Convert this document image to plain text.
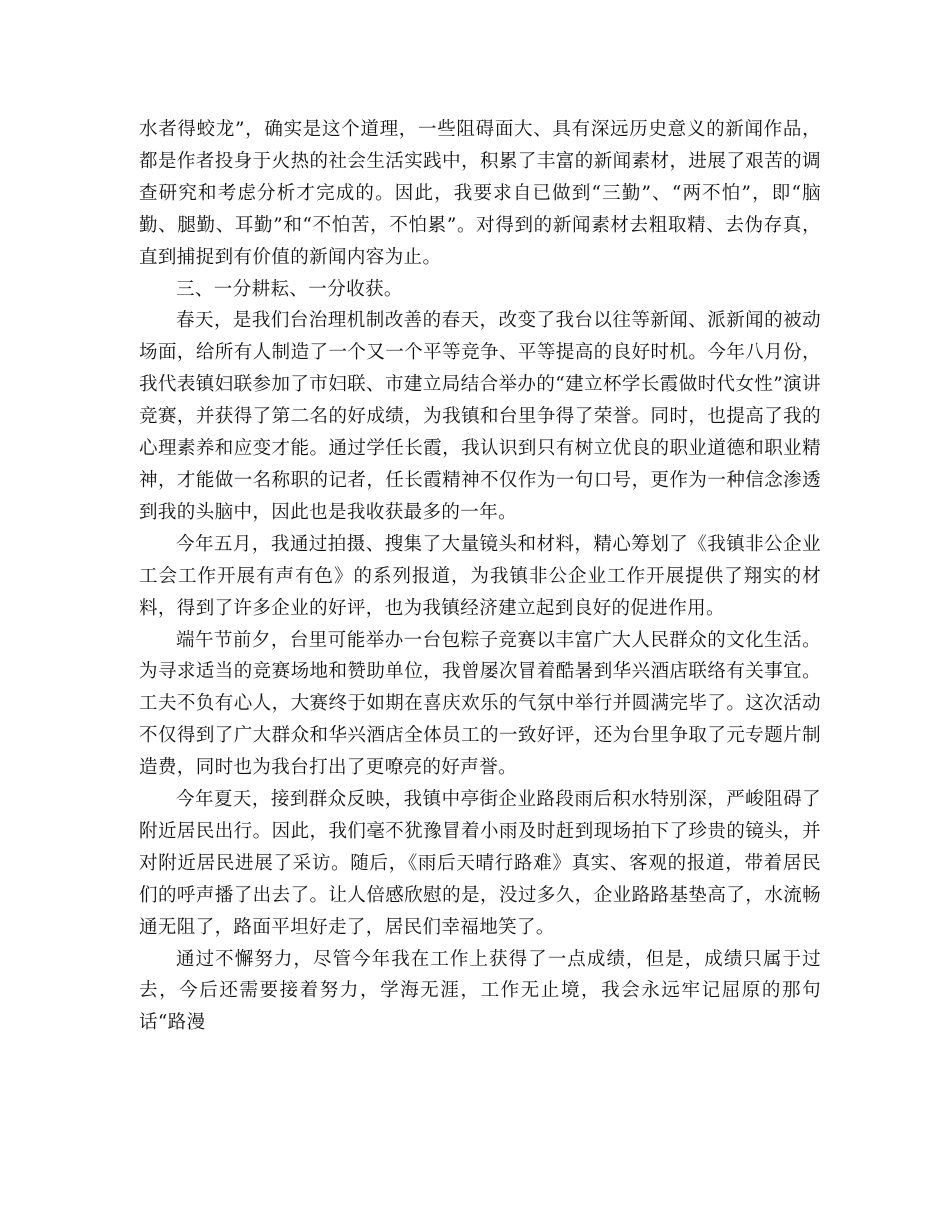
水者得蛟龙”，确实是这个道理，一些阻碍面大、具有深远历史意义的新闻作品，都是作者投身于火热的社会生活实践中，积累了丰富的新闻素材，进展了艰苦的调查研究和考虑分析才完成的。因此，我要求自已做到“三勤”、“两不怕”，即“脑勤、腿勤、耳勤”和“不怕苦，不怕累”。对得到的新闻素材去粗取精、去伪存真，直到捕捉到有价值的新闻内容为止。

三、一分耕耘、一分收获。

春天，是我们台治理机制改善的春天，改变了我台以往等新闻、派新闻的被动场面，给所有人制造了一个又一个平等竞争、平等提高的良好时机。今年八月份，我代表镇妇联参加了市妇联、市建立局结合举办的“建立杯学长霞做时代女性”演讲竞赛，并获得了第二名的好成绩，为我镇和台里争得了荣誉。同时，也提高了我的心理素养和应变才能。通过学任长霞，我认识到只有树立优良的职业道德和职业精神，才能做一名称职的记者，任长霞精神不仅作为一句口号，更作为一种信念渗透到我的头脑中，因此也是我收获最多的一年。

今年五月，我通过拍摄、搜集了大量镜头和材料，精心筹划了《我镇非公企业工会工作开展有声有色》的系列报道，为我镇非公企业工作开展提供了翔实的材料，得到了许多企业的好评，也为我镇经济建立起到良好的促进作用。

端午节前夕，台里可能举办一台包粽子竞赛以丰富广大人民群众的文化生活。为寻求适当的竞赛场地和赞助单位，我曾屡次冒着酷暑到华兴酒店联络有关事宜。工夫不负有心人，大赛终于如期在喜庆欢乐的气氛中举行并圆满完毕了。这次活动不仅得到了广大群众和华兴酒店全体员工的一致好评，还为台里争取了元专题片制造费，同时也为我台打出了更嘹亮的好声誉。

今年夏天，接到群众反映，我镇中亭街企业路段雨后积水特别深，严峻阻碍了附近居民出行。因此，我们毫不犹豫冒着小雨及时赶到现场拍下了珍贵的镜头，并对附近居民进展了采访。随后，《雨后天晴行路难》真实、客观的报道，带着居民们的呼声播了出去了。让人倍感欣慰的是，没过多久，企业路路基垫高了，水流畅通无阻了，路面平坦好走了，居民们幸福地笑了。

通过不懈努力，尽管今年我在工作上获得了一点成绩，但是，成绩只属于过去，今后还需要接着努力，学海无涯，工作无止境，我会永远牢记屈原的那句话“路漫
